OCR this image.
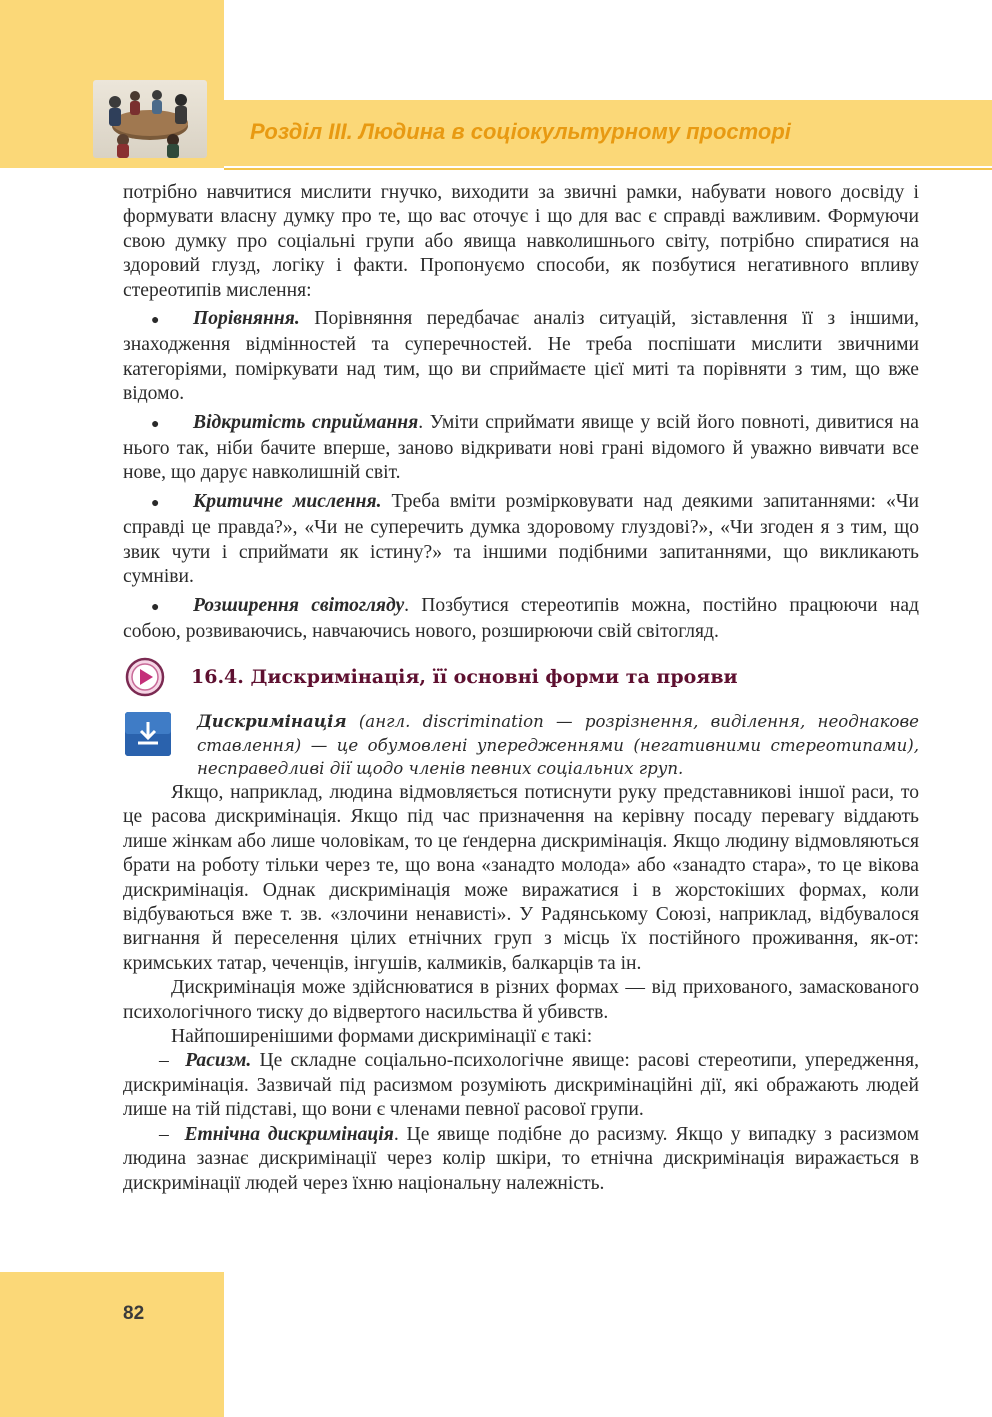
Розділ III. Людина в соціокультурному просторі

потрібно навчитися мислити гнучко, виходити за звичні рамки, набувати нового досвіду і формувати власну думку про те, що вас оточує і що для вас є справді важливим. Формуючи свою думку про соціальні групи або явища навколишнього світу, потрібно спиратися на здоровий глузд, логіку і факти. Пропонуємо способи, як позбутися негативного впливу стереотипів мислення:

● Порівняння. Порівняння передбачає аналіз ситуацій, зіставлення її з іншими, знаходження відмінностей та суперечностей. Не треба поспішати мислити звичними категоріями, поміркувати над тим, що ви сприймаєте цієї миті та порівняти з тим, що вже відомо.

● Відкритість сприймання. Уміти сприймати явище у всій його повноті, дивитися на нього так, ніби бачите вперше, заново відкривати нові грані відомого й уважно вивчати все нове, що дарує навколишній світ.

● Критичне мислення. Треба вміти розмірковувати над деякими запитаннями: «Чи справді це правда?», «Чи не суперечить думка здоровому глуздові?», «Чи згоден я з тим, що звик чути і сприймати як істину?» та іншими подібними запитаннями, що викликають сумніви.

● Розширення світогляду. Позбутися стереотипів можна, постійно працюючи над собою, розвиваючись, навчаючись нового, розширюючи свій світогляд.

16.4. Дискримінація, її основні форми та прояви
Дискримінація (англ. discrimination — розрізнення, виділення, неоднакове ставлення) — це обумовлені упередженнями (негативними стереотипами), несправедливі дії щодо членів певних соціальних груп.

Якщо, наприклад, людина відмовляється потиснути руку представникові іншої раси, то це расова дискримінація. Якщо під час призначення на керівну посаду перевагу віддають лише жінкам або лише чоловікам, то це ґендерна дискримінація. Якщо людину відмовляються брати на роботу тільки через те, що вона «занадто молода» або «занадто стара», то це вікова дискримінація. Однак дискримінація може виражатися і в жорстокіших формах, коли відбуваються вже т. зв. «злочини ненависті». У Радянському Союзі, наприклад, відбувалося вигнання й переселення цілих етнічних груп з місць їх постійного проживання, як-от: кримських татар, чеченців, інгушів, калмиків, балкарців та ін.

Дискримінація може здійснюватися в різних формах — від прихованого, замаскованого психологічного тиску до відвертого насильства й убивств.

Найпоширенішими формами дискримінації є такі:

– Расизм. Це складне соціально-психологічне явище: расові стереотипи, упередження, дискримінація. Зазвичай під расизмом розуміють дискримінаційні дії, які ображають людей лише на тій підставі, що вони є членами певної расової групи.

– Етнічна дискримінація. Це явище подібне до расизму. Якщо у випадку з расизмом людина зазнає дискримінації через колір шкіри, то етнічна дискримінація виражається в дискримінації людей через їхню національну належність.

82
